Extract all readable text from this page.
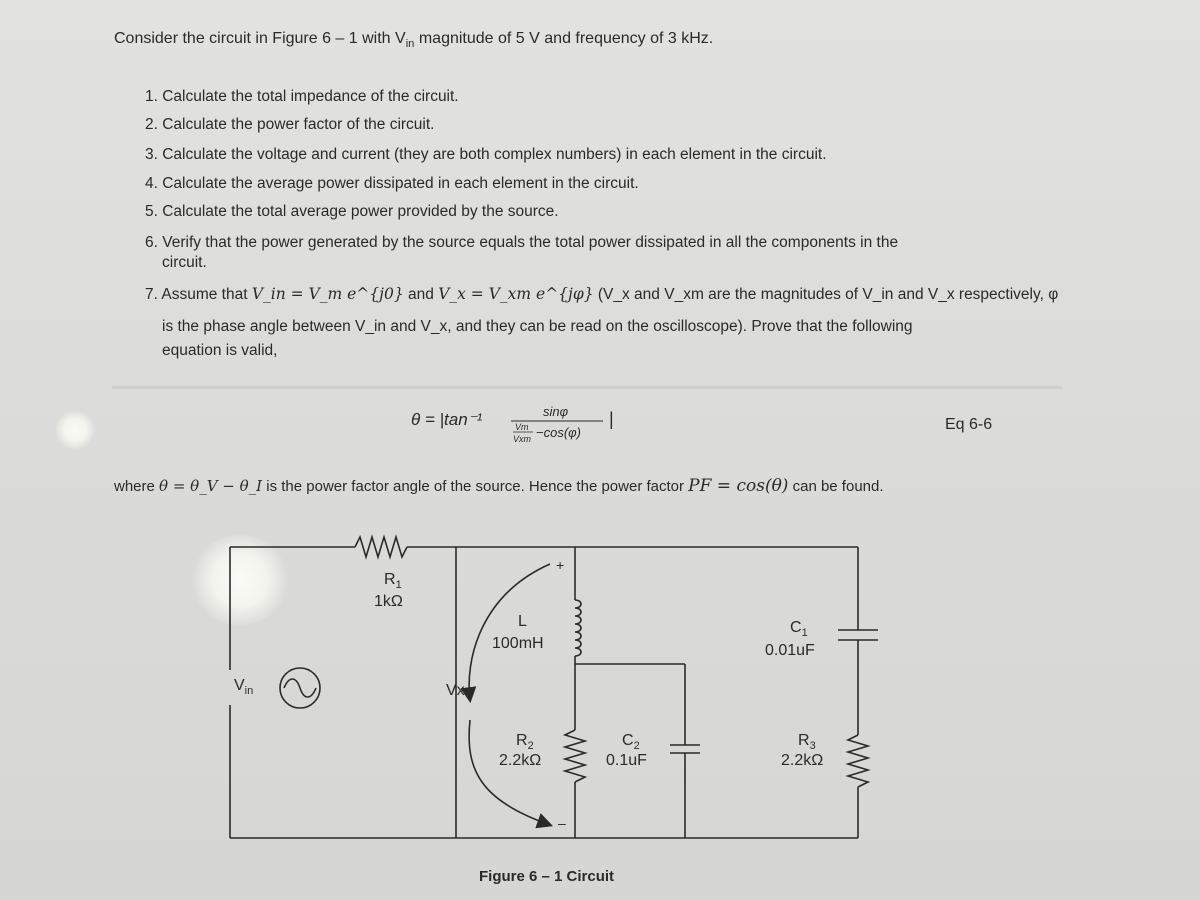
Consider the circuit in Figure 6 – 1 with $V_{in}$ magnitude of 5 V and frequency of 3 kHz.
1. Calculate the total impedance of the circuit.
2. Calculate the power factor of the circuit.
3. Calculate the voltage and current (they are both complex numbers) in each element in the circuit.
4. Calculate the average power dissipated in each element in the circuit.
5. Calculate the total average power provided by the source.
6. Verify that the power generated by the source equals the total power dissipated in all the components in the
circuit.
7. Assume that V_in = V_m e^{j0} and V_x = V_xm e^{jφ} (V_x and V_xm are the magnitudes of V_in and V_x respectively, φ
is the phase angle between V_in and V_x, and they can be read on the oscilloscope). Prove that the following
equation is valid,
θ = |tan⁻¹	sinφ
Vm
Vxm −cos(φ)
|	Eq 6-6
where θ = θ_V − θ_I is the power factor angle of the source. Hence the power factor PF = cos(θ) can be found.
$R_1$
1kΩ
L
100mH
$C_1$
0.01uF
$V_{in}$	Vx
$R_2$
2.2kΩ
$C_2$
0.1uF
$R_3$
2.2kΩ
+
–
Figure 6 – 1 Circuit
